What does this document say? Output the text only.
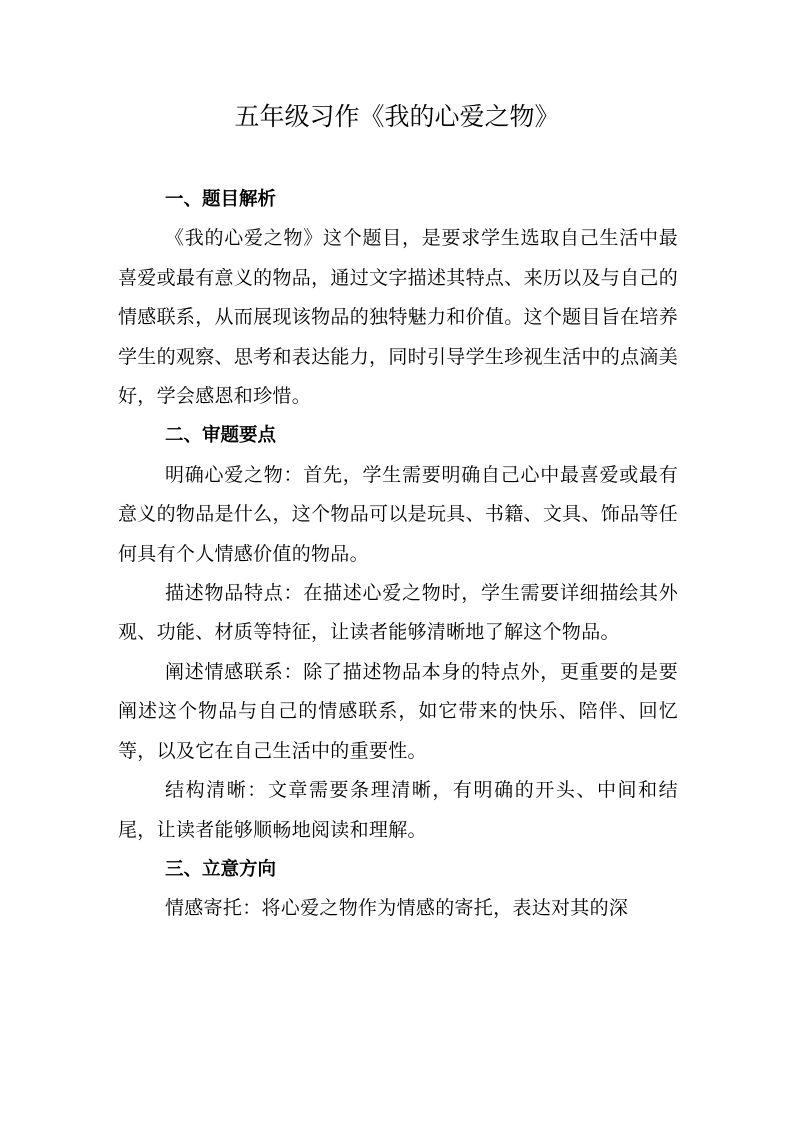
五年级习作《我的心爱之物》
一、题目解析

《我的心爱之物》这个题目，是要求学生选取自己生活中最喜爱或最有意义的物品，通过文字描述其特点、来历以及与自己的情感联系，从而展现该物品的独特魅力和价值。这个题目旨在培养学生的观察、思考和表达能力，同时引导学生珍视生活中的点滴美好，学会感恩和珍惜。

二、审题要点

明确心爱之物：首先，学生需要明确自己心中最喜爱或最有意义的物品是什么，这个物品可以是玩具、书籍、文具、饰品等任何具有个人情感价值的物品。

描述物品特点：在描述心爱之物时，学生需要详细描绘其外观、功能、材质等特征，让读者能够清晰地了解这个物品。

阐述情感联系：除了描述物品本身的特点外，更重要的是要阐述这个物品与自己的情感联系，如它带来的快乐、陪伴、回忆等，以及它在自己生活中的重要性。

结构清晰：文章需要条理清晰，有明确的开头、中间和结尾，让读者能够顺畅地阅读和理解。

三、立意方向

情感寄托：将心爱之物作为情感的寄托，表达对其的深
